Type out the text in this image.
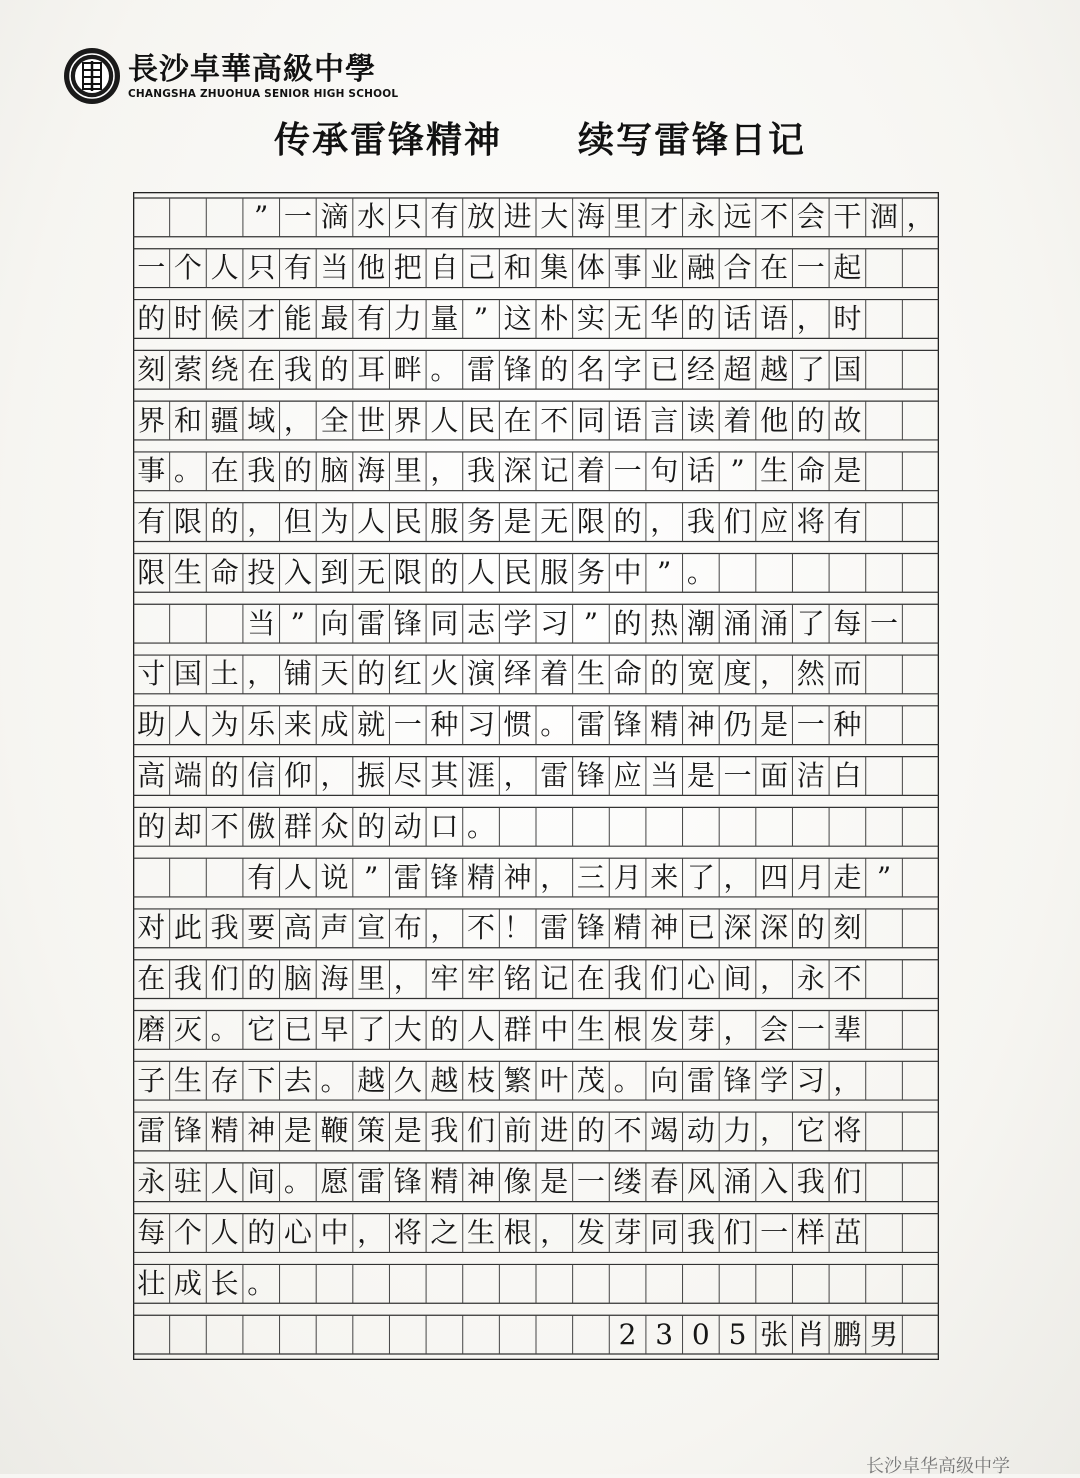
長沙卓華高級中學
CHANGSHA ZHUOHUA SENIOR HIGH SCHOOL
传承雷锋精神　　续写雷锋日记
” 一 滴 水 只 有 放 进 大 海 里 才 永 远 不 会 干 涸 ，
一 个 人 只 有 当 他 把 自 己 和 集 体 事 业 融 合 在 一 起
的 时 候 才 能 最 有 力 量 ” 这 朴 实 无 华 的 话 语 ， 时
刻 萦 绕 在 我 的 耳 畔 。 雷 锋 的 名 字 已 经 超 越 了 国
界 和 疆 域 ， 全 世 界 人 民 在 不 同 语 言 读 着 他 的 故
事 。 在 我 的 脑 海 里 ， 我 深 记 着 一 句 话 ” 生 命 是
有 限 的 ， 但 为 人 民 服 务 是 无 限 的 ， 我 们 应 将 有
限 生 命 投 入 到 无 限 的 人 民 服 务 中 ” 。
当 ” 向 雷 锋 同 志 学 习 ” 的 热 潮 涌 涌 了 每 一
寸 国 土 ， 铺 天 的 红 火 演 绎 着 生 命 的 宽 度 ， 然 而
助 人 为 乐 来 成 就 一 种 习 惯 。 雷 锋 精 神 仍 是 一 种
高 端 的 信 仰 ， 振 尽 其 涯 ， 雷 锋 应 当 是 一 面 洁 白
的 却 不 傲 群 众 的 动 口 。
有 人 说 ” 雷 锋 精 神 ， 三 月 来 了 ， 四 月 走 ”
对 此 我 要 高 声 宣 布 ， 不 ！ 雷 锋 精 神 已 深 深 的 刻
在 我 们 的 脑 海 里 ， 牢 牢 铭 记 在 我 们 心 间 ， 永 不
磨 灭 。 它 已 早 了 大 的 人 群 中 生 根 发 芽 ， 会 一 辈
子 生 存 下 去 。 越 久 越 枝 繁 叶 茂 。 向 雷 锋 学 习 ，
雷 锋 精 神 是 鞭 策 是 我 们 前 进 的 不 竭 动 力 ， 它 将
永 驻 人 间 。 愿 雷 锋 精 神 像 是 一 缕 春 风 涌 入 我 们
每 个 人 的 心 中 ， 将 之 生 根 ， 发 芽 同 我 们 一 样 茁
壮 成 长 。
2 3 0 5 张 肖 鹏 男
长沙卓华高级中学
